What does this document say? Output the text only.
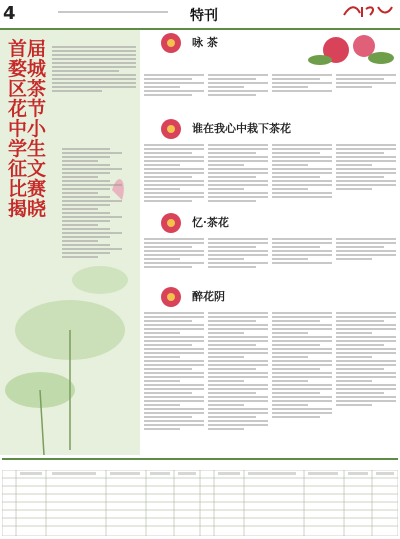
4	特刊
首届婺城区茶花节中小学生征文比赛揭晓
咏 茶
谁在我心中栽下茶花
忆·茶花
醉花阴
